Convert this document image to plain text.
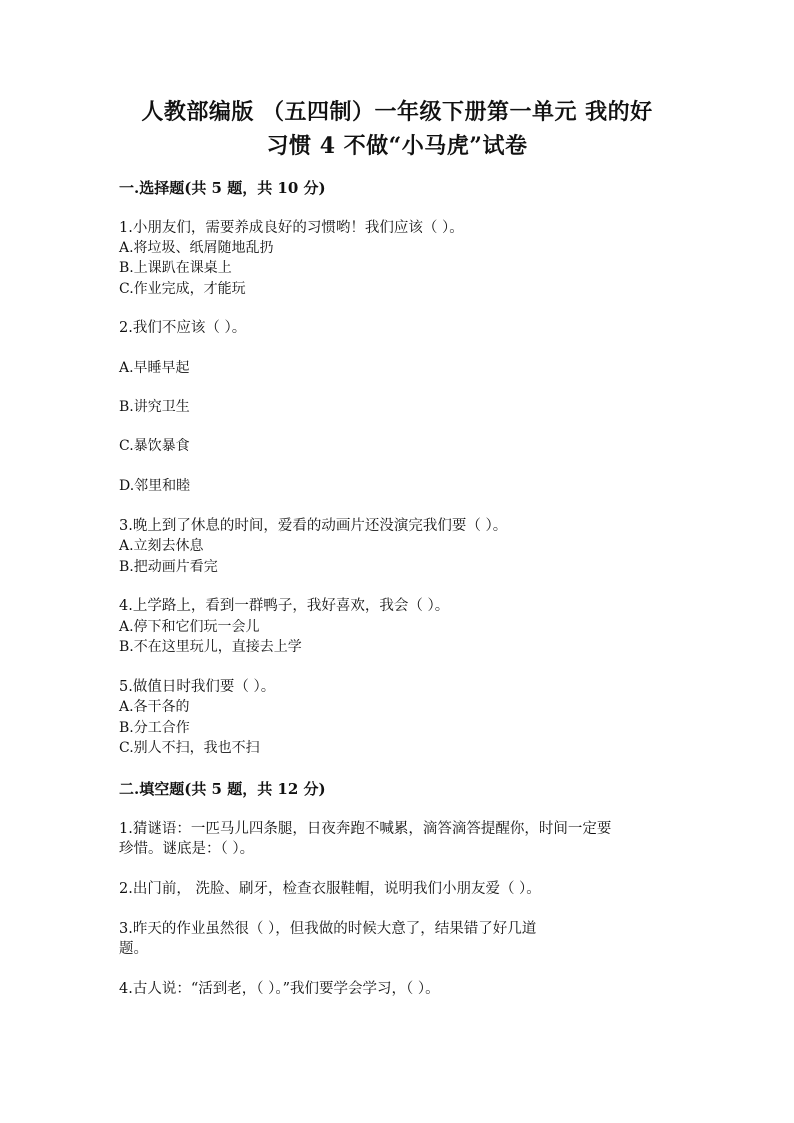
人教部编版 （五四制）一年级下册第一单元 我的好
习惯 4 不做“小马虎”试卷
一.选择题(共 5 题，共 10 分)
1.小朋友们，需要养成良好的习惯哟！我们应该（ ）。
A.将垃圾、纸屑随地乱扔
B.上课趴在课桌上
C.作业完成，才能玩
2.我们不应该（ ）。
A.早睡早起
B.讲究卫生
C.暴饮暴食
D.邻里和睦
3.晚上到了休息的时间，爱看的动画片还没演完我们要（ ）。
A.立刻去休息
B.把动画片看完
4.上学路上，看到一群鸭子，我好喜欢，我会（ ）。
A.停下和它们玩一会儿
B.不在这里玩儿，直接去上学
5.做值日时我们要（ ）。
A.各干各的
B.分工合作
C.别人不扫，我也不扫
二.填空题(共 5 题，共 12 分)
1.猜谜语：一匹马儿四条腿，日夜奔跑不喊累，滴答滴答提醒你，时间一定要
珍惜。谜底是：（ ）。
2.出门前， 洗脸、刷牙，检查衣服鞋帽，说明我们小朋友爱（ ）。
3.昨天的作业虽然很（ ），但我做的时候大意了，结果错了好几道
题。
4.古人说：“活到老，（ ）。”我们要学会学习，（ ）。
